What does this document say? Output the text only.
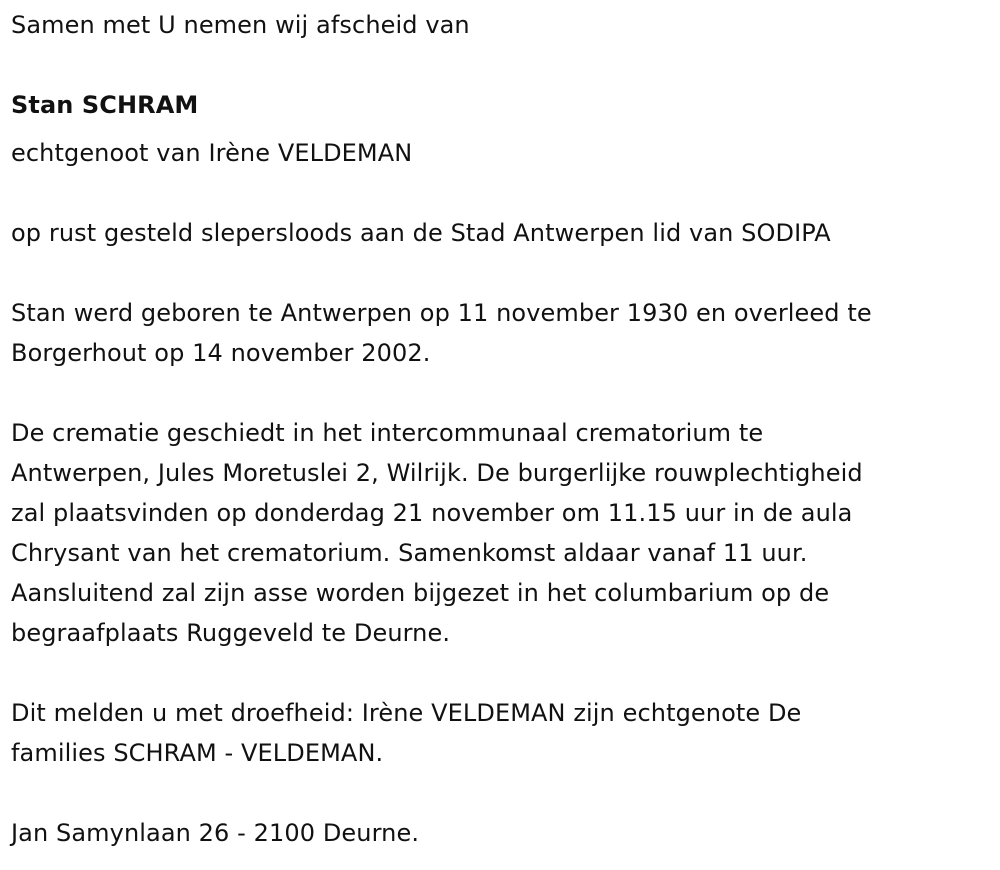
Samen met U nemen wij afscheid van

Stan SCHRAM

echtgenoot van Irène VELDEMAN

op rust gesteld slepersloods aan de Stad Antwerpen lid van SODIPA

Stan werd geboren te Antwerpen op 11 november 1930 en overleed te

Borgerhout op 14 november 2002.

De crematie geschiedt in het intercommunaal crematorium te

Antwerpen, Jules Moretuslei 2, Wilrijk. De burgerlijke rouwplechtigheid

zal plaatsvinden op donderdag 21 november om 11.15 uur in de aula

Chrysant van het crematorium. Samenkomst aldaar vanaf 11 uur.

Aansluitend zal zijn asse worden bijgezet in het columbarium op de

begraafplaats Ruggeveld te Deurne.

Dit melden u met droefheid: Irène VELDEMAN zijn echtgenote De

families SCHRAM - VELDEMAN.

Jan Samynlaan 26 - 2100 Deurne.
